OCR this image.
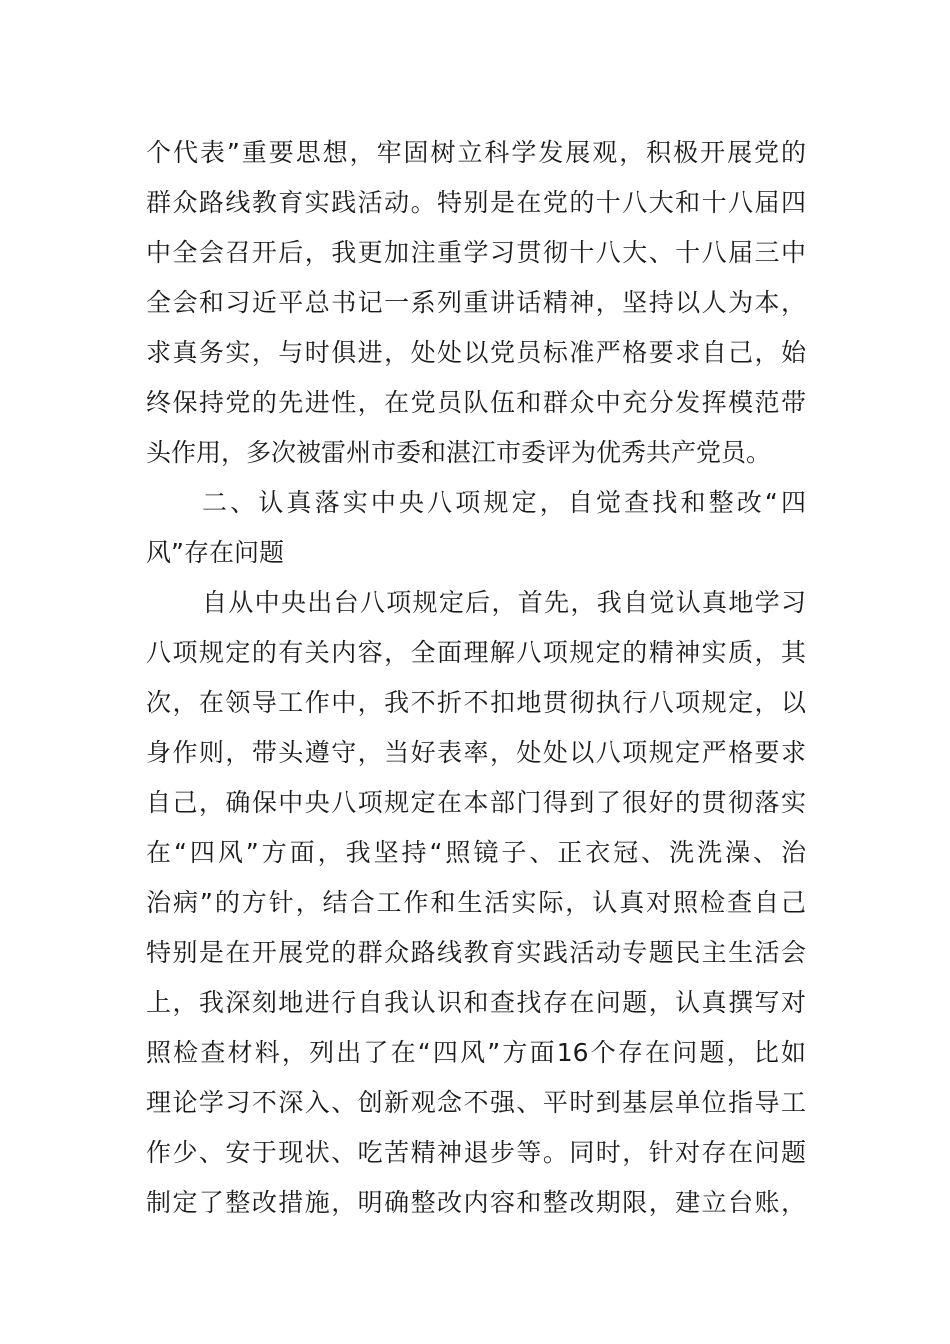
个代表”重要思想，牢固树立科学发展观，积极开展党的
群众路线教育实践活动。特别是在党的十八大和十八届四
中全会召开后，我更加注重学习贯彻十八大、十八届三中
全会和习近平总书记一系列重讲话精神，坚持以人为本，
求真务实，与时俱进，处处以党员标准严格要求自己，始
终保持党的先进性，在党员队伍和群众中充分发挥模范带
头作用，多次被雷州市委和湛江市委评为优秀共产党员。
二、认真落实中央八项规定，自觉查找和整改“四
风”存在问题
自从中央出台八项规定后，首先，我自觉认真地学习
八项规定的有关内容，全面理解八项规定的精神实质，其
次，在领导工作中，我不折不扣地贯彻执行八项规定，以
身作则，带头遵守，当好表率，处处以八项规定严格要求
自己，确保中央八项规定在本部门得到了很好的贯彻落实
在“四风”方面，我坚持“照镜子、正衣冠、洗洗澡、治
治病”的方针，结合工作和生活实际，认真对照检查自己
特别是在开展党的群众路线教育实践活动专题民主生活会
上，我深刻地进行自我认识和查找存在问题，认真撰写对
照检查材料，列出了在“四风”方面16个存在问题，比如
理论学习不深入、创新观念不强、平时到基层单位指导工
作少、安于现状、吃苦精神退步等。同时，针对存在问题
制定了整改措施，明确整改内容和整改期限，建立台账，
